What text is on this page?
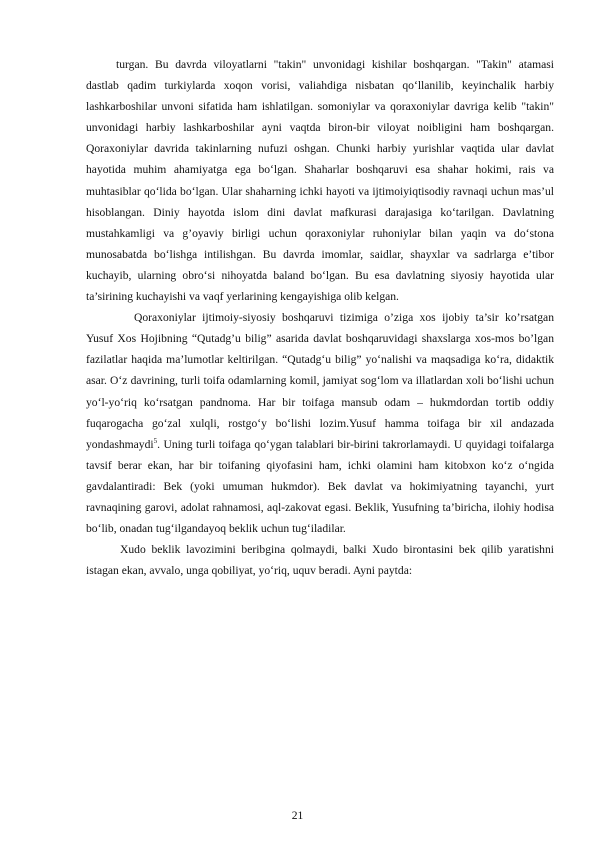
turgan. Bu davrda viloyatlarni "takin" unvonidagi kishilar boshqargan. "Takin" atamasi dastlab qadim turkiylarda xoqon vorisi, valiahdiga nisbatan qo‘llanilib, keyinchalik harbiy lashkarboshilar unvoni sifatida ham ishlatilgan. somoniylar va qoraxoniylar davriga kelib "takin" unvonidagi harbiy lashkarboshilar ayni vaqtda biron-bir viloyat noibligini ham boshqargan. Qoraxoniylar davrida takinlarning nufuzi oshgan. Chunki harbiy yurishlar vaqtida ular davlat hayotida muhim ahamiyatga ega bo‘lgan. Shaharlar boshqaruvi esa shahar hokimi, rais va muhtasiblar qo‘lida bo‘lgan. Ular shaharning ichki hayoti va ijtimoiyiqtisodiy ravnaqi uchun mas’ul hisoblangan. Diniy hayotda islom dini davlat mafkurasi darajasiga ko‘tarilgan. Davlatning mustahkamligi va g’oyaviy birligi uchun qoraxoniylar ruhoniylar bilan yaqin va do‘stona munosabatda bo‘lishga intilishgan. Bu davrda imomlar, saidlar, shayxlar va sadrlarga e’tibor kuchayib, ularning obro‘si nihoyatda baland bo‘lgan. Bu esa davlatning siyosiy hayotida ular ta’sirining kuchayishi va vaqf yerlarining kengayishiga olib kelgan.

Qoraxoniylar ijtimoiy-siyosiy boshqaruvi tizimiga o’ziga xos ijobiy ta’sir ko’rsatgan Yusuf Xos Hojibning “Qutadg’u bilig” asarida davlat boshqaruvidagi shaxslarga xos-mos bo’lgan fazilatlar haqida ma’lumotlar keltirilgan. “Qutadg‘u bilig” yo‘nalishi va maqsadiga ko‘ra, didaktik asar. O‘z davrining, turli toifa odamlarning komil, jamiyat sog‘lom va illatlardan xoli bo‘lishi uchun yo‘l-yo‘riq ko‘rsatgan pandnoma. Har bir toifaga mansub odam – hukmdordan tortib oddiy fuqarogacha go‘zal xulqli, rostgo‘y bo‘lishi lozim.Yusuf hamma toifaga bir xil andazada yondashmaydi$^5$. Uning turli toifaga qo‘ygan talablari bir-birini takrorlamaydi. U quyidagi toifalarga tavsif berar ekan, har bir toifaning qiyofasini ham, ichki olamini ham kitobxon ko‘z o‘ngida gavdalantiradi: Bek (yoki umuman hukmdor). Bek davlat va hokimiyatning tayanchi, yurt ravnaqining garovi, adolat rahnamosi, aql-zakovat egasi. Beklik, Yusufning ta’biricha, ilohiy hodisa bo‘lib, onadan tug‘ilgandayoq beklik uchun tug‘iladilar.

Xudo beklik lavozimini beribgina qolmaydi, balki Xudo birontasini bek qilib yaratishni istagan ekan, avvalo, unga qobiliyat, yo‘riq, uquv beradi. Ayni paytda:

21
